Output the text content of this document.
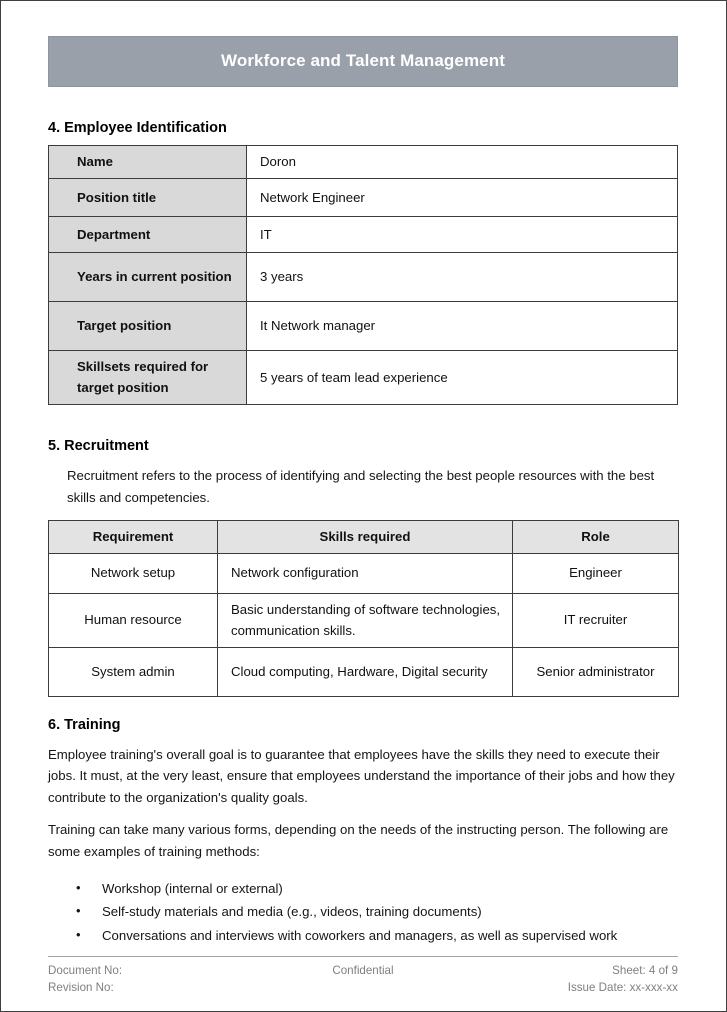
Workforce and Talent Management
4. Employee Identification
Name	Doron
Position title	Network Engineer
Department	IT
Years in current position	3 years
Target position	It Network manager
Skillsets required for target position	5 years of team lead experience
5. Recruitment

Recruitment refers to the process of identifying and selecting the best people resources with the best skills and competencies.

Requirement	Skills required	Role
Network setup	Network configuration	Engineer
Human resource	Basic understanding of software technologies, communication skills.	IT recruiter
System admin	Cloud computing, Hardware, Digital security	Senior administrator
6. Training

Employee training's overall goal is to guarantee that employees have the skills they need to execute their jobs. It must, at the very least, ensure that employees understand the importance of their jobs and how they contribute to the organization's quality goals.

Training can take many various forms, depending on the needs of the instructing person. The following are some examples of training methods:

• Workshop (internal or external)
• Self-study materials and media (e.g., videos, training documents)
• Conversations and interviews with coworkers and managers, as well as supervised work
Document No:	Confidential	Sheet: 4 of 9
Revision No:	Issue Date: xx-xxx-xx
